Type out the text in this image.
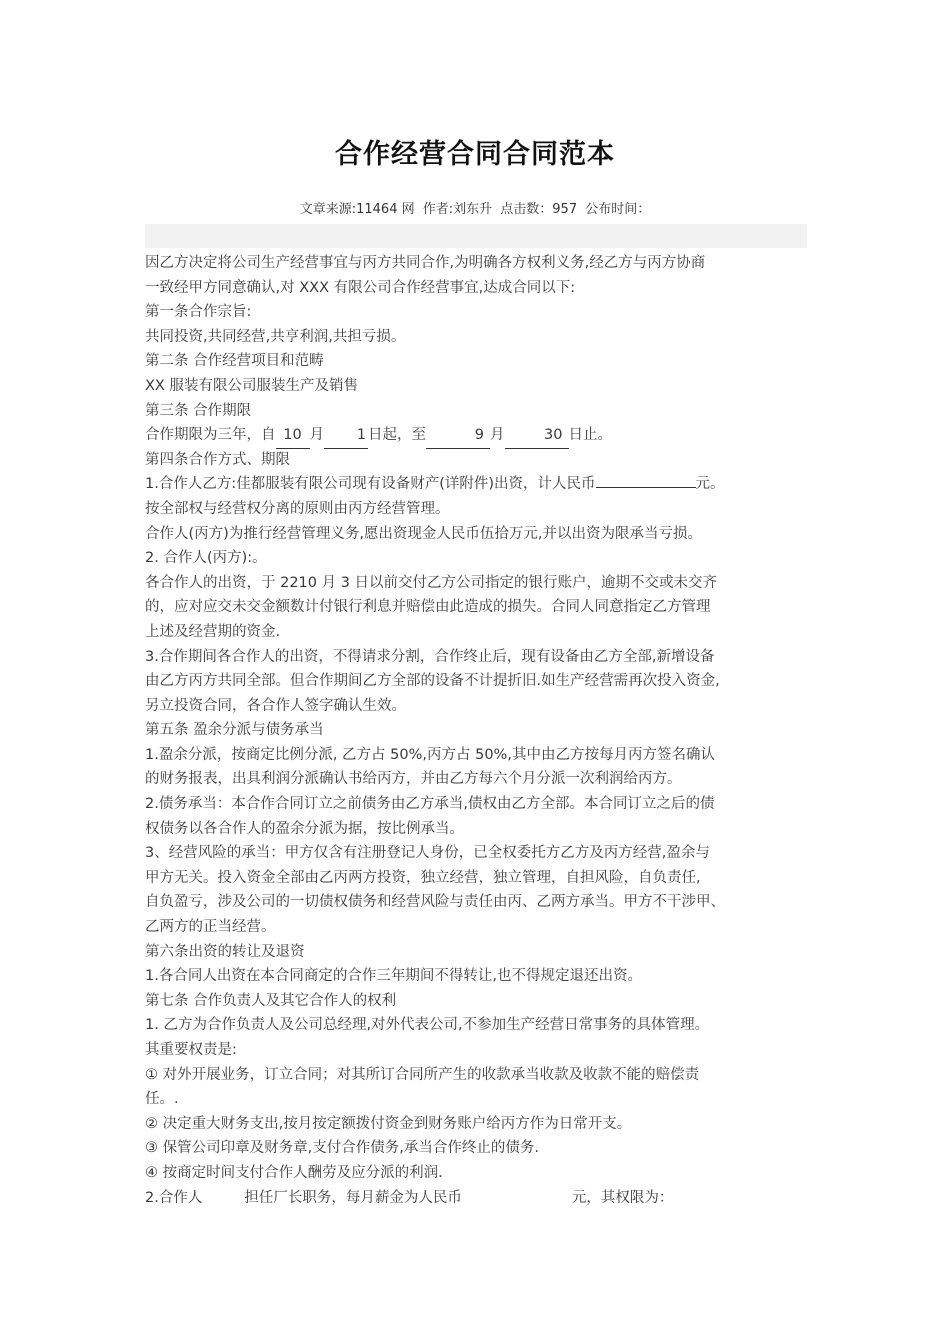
合作经营合同合同范本
文章来源:11464 网 作者:刘东升 点击数：957 公布时间：
因乙方决定将公司生产经营事宜与丙方共同合作,为明确各方权利义务,经乙方与丙方协商
一致经甲方同意确认,对 XXX 有限公司合作经营事宜,达成合同以下:
第一条合作宗旨:
共同投资,共同经营,共亨利润,共担亏损。
第二条 合作经营项目和范畴
XX 服装有限公司服装生产及销售
第三条 合作期限
合作期限为三年，自 10 月 1 日起，至	9 月	30 日止。
第四条合作方式、期限
1.合作人乙方:佳都服装有限公司现有设备财产(详附件)出资，计人民币	元。
按全部权与经营权分离的原则由丙方经营管理。
合作人(丙方)为推行经营管理义务,愿出资现金人民币伍拾万元,并以出资为限承当亏损。
2. 合作人(丙方):。
各合作人的出资，于 2210 月 3 日以前交付乙方公司指定的银行账户，逾期不交或未交齐
的，应对应交未交金额数计付银行利息并赔偿由此造成的损失。合同人同意指定乙方管理
上述及经营期的资金.
3.合作期间各合作人的出资，不得请求分割，合作终止后，现有设备由乙方全部,新增设备
由乙方丙方共同全部。但合作期间乙方全部的设备不计提折旧.如生产经营需再次投入资金,
另立投资合同，各合作人签字确认生效。
第五条 盈余分派与债务承当
1.盈余分派，按商定比例分派, 乙方占 50%,丙方占 50%,其中由乙方按每月丙方签名确认
的财务报表，出具利润分派确认书给丙方，并由乙方每六个月分派一次利润给丙方。
2.债务承当：本合作合同订立之前债务由乙方承当,债权由乙方全部。本合同订立之后的债
权债务以各合作人的盈余分派为据，按比例承当。
3、经营风险的承当：甲方仅含有注册登记人身份，已全权委托方乙方及丙方经营,盈余与
甲方无关。投入资金全部由乙丙两方投资，独立经营，独立管理，自担风险，自负责任,
自负盈亏，涉及公司的一切债权债务和经营风险与责任由丙、乙两方承当。甲方不干涉甲、
乙两方的正当经营。
第六条出资的转让及退资
1.各合同人出资在本合同商定的合作三年期间不得转让,也不得规定退还出资。
第七条 合作负责人及其它合作人的权利
1. 乙方为合作负责人及公司总经理,对外代表公司,不参加生产经营日常事务的具体管理。
其重要权责是:
① 对外开展业务，订立合同；对其所订合同所产生的收款承当收款及收款不能的赔偿责
任。.
② 决定重大财务支出,按月按定额拨付资金到财务账户给丙方作为日常开支。
③ 保管公司印章及财务章,支付合作债务,承当合作终止的债务.
④ 按商定时间支付合作人酬劳及应分派的利润.
2.合作人	担任厂长职务，每月薪金为人民币	元，其权限为：
